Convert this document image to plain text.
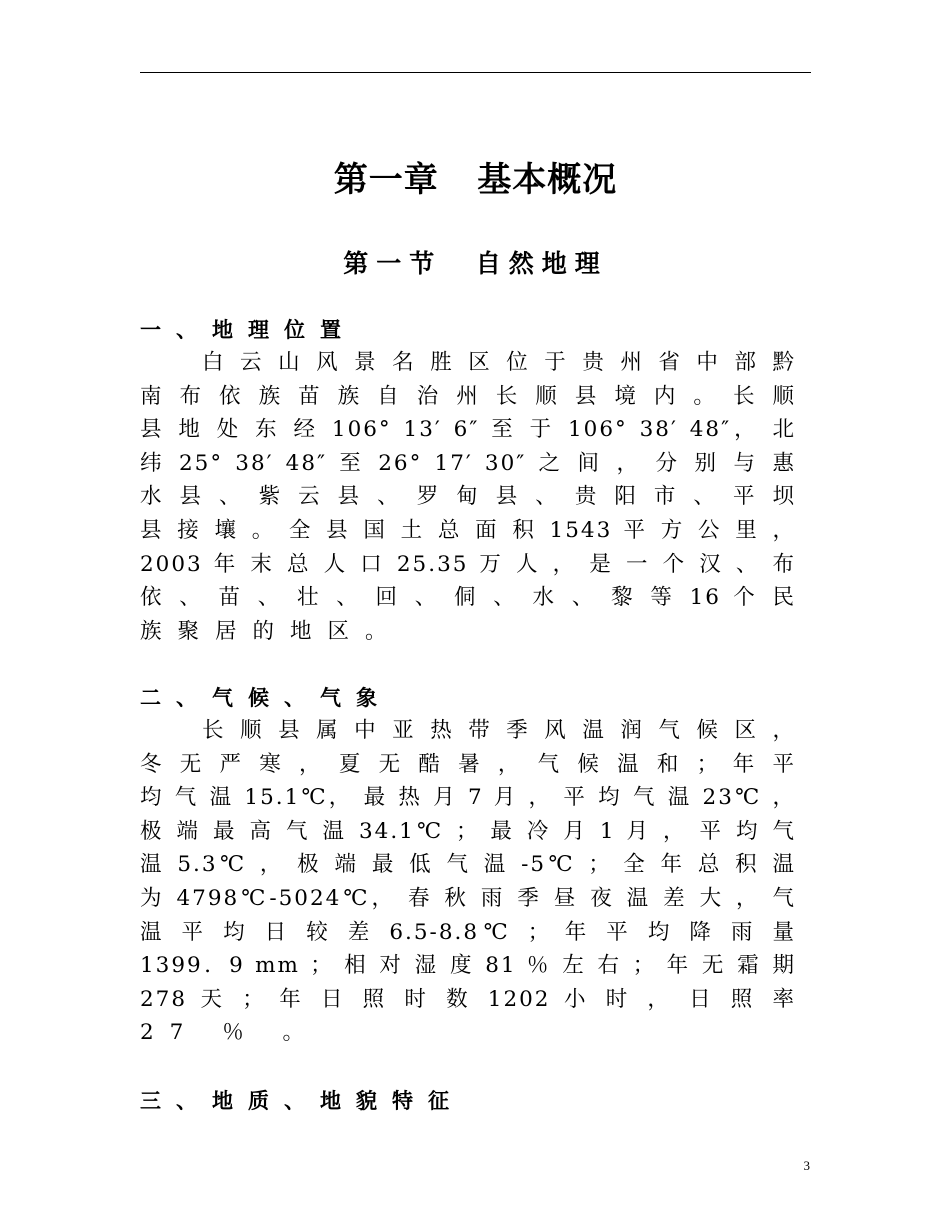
第一章   基本概况
第一节  自然地理
一、地理位置
白 云 山 风 景 名 胜 区 位 于 贵 州 省 中 部 黔
南 布 依 族 苗 族 自 治 州 长 顺 县 境 内 。 长 顺
县 地 处 东 经 106° 13′ 6″ 至 于 106° 38′ 48″， 北
纬 25° 38′ 48″ 至 26° 17′ 30″ 之 间 ， 分 别 与 惠
水 县 、 紫 云 县 、 罗 甸 县 、 贵 阳 市 、 平 坝
县 接 壤 。 全 县 国 土 总 面 积 1543 平 方 公 里 ，
2003 年 末 总 人 口 25.35 万 人 ， 是 一 个 汉 、 布
依 、 苗 、 壮 、 回 、 侗 、 水 、 黎 等 16 个 民
族聚居的地区。
二、气候、气象
长 顺 县 属 中 亚 热 带 季 风 温 润 气 候 区 ，
冬 无 严 寒 ， 夏 无 酷 暑 ， 气 候 温 和 ； 年 平
均 气 温 15.1℃， 最 热 月 7 月 ， 平 均 气 温 23℃ ，
极 端 最 高 气 温 34.1℃ ； 最 冷 月 1 月 ， 平 均 气
温 5.3℃ ， 极 端 最 低 气 温 -5℃ ； 全 年 总 积 温
为 4798℃-5024℃， 春 秋 雨 季 昼 夜 温 差 大 ， 气
温 平 均 日 较 差 6.5-8.8℃ ； 年 平 均 降 雨 量
1399．9 mm ； 相 对 湿 度 81 ％ 左 右 ； 年 无 霜 期
278 天 ； 年 日 照 时 数 1202 小 时 ， 日 照 率
27 ％ 。
三、地质、地貌特征
3
